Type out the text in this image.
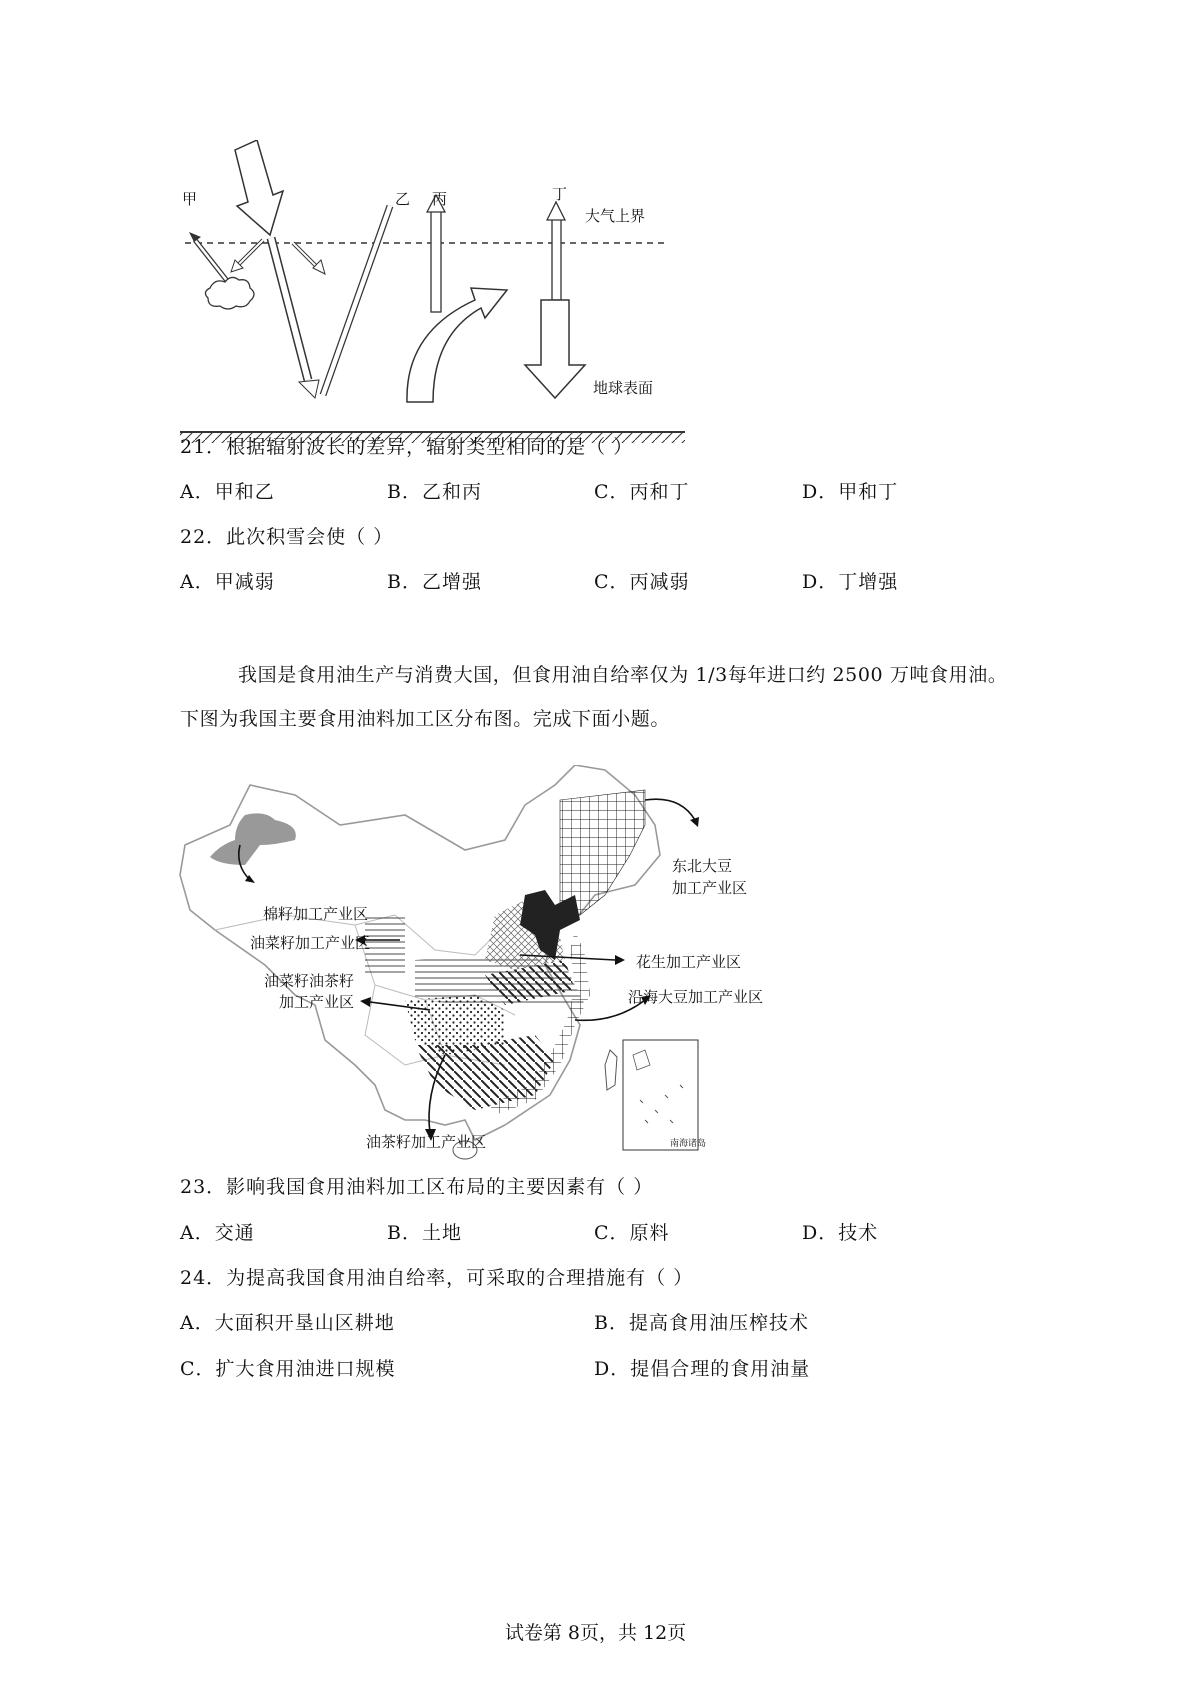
甲	乙 丙	丁
大气上界
地球表面
21．根据辐射波长的差异，辐射类型相同的是（ ）
A．甲和乙	B．乙和丙	C．丙和丁	D．甲和丁
22．此次积雪会使（ ）
A．甲减弱	B．乙增强	C．丙减弱	D．丁增强
我国是食用油生产与消费大国，但食用油自给率仅为 1/3每年进口约 2500 万吨食用油。
下图为我国主要食用油料加工区分布图。完成下面小题。
棉籽加工产业区
油菜籽加工产业区
油菜籽油茶籽
加工产业区
油茶籽加工产业区
东北大豆
加工产业区
花生加工产业区
沿海大豆加工产业区
南海诸岛
23．影响我国食用油料加工区布局的主要因素有（ ）
A．交通	B．土地	C．原料	D．技术
24．为提高我国食用油自给率，可采取的合理措施有（ ）
A．大面积开垦山区耕地	B．提高食用油压榨技术
C．扩大食用油进口规模	D．提倡合理的食用油量
试卷第 8页，共 12页
